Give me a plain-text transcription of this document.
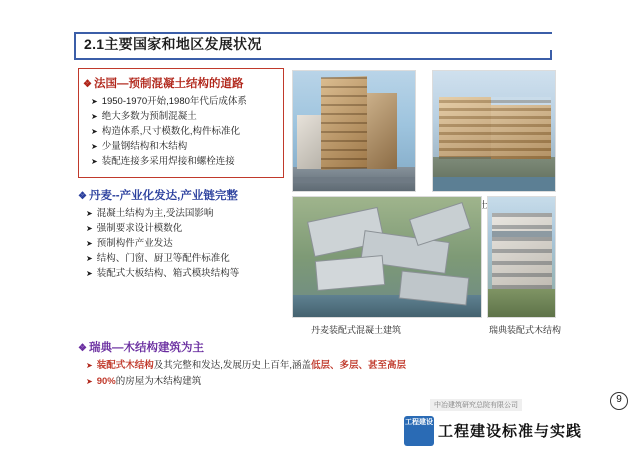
2.1主要国家和地区发展状况
❖ 法国—预制混凝土结构的道路
➤ 1950-1970开始,1980年代后成体系
➤ 绝大多数为预制混凝土
➤ 构造体系,尺寸模数化,构件标准化
➤ 少量钢结构和木结构
➤ 装配连接多采用焊接和螺栓连接
❖ 丹麦--产业化发达,产业链完整
➤ 混凝土结构为主,受法国影响
➤ 强制要求设计模数化
➤ 预制构件产业发达
➤ 结构、门窗、厨卫等配件标准化
➤ 装配式大板结构、箱式模块结构等
❖ 瑞典—木结构建筑为主
➤ 装配式木结构及其完整和发达,发展历史上百年,涵盖低层、多层、甚至高层
➤ 90%的房屋为木结构建筑
丹麦装配式混凝土建筑	瑞典装配式木结构
中冶建筑研究总院有限公司
工程建设
工程建设标准与实践
9
